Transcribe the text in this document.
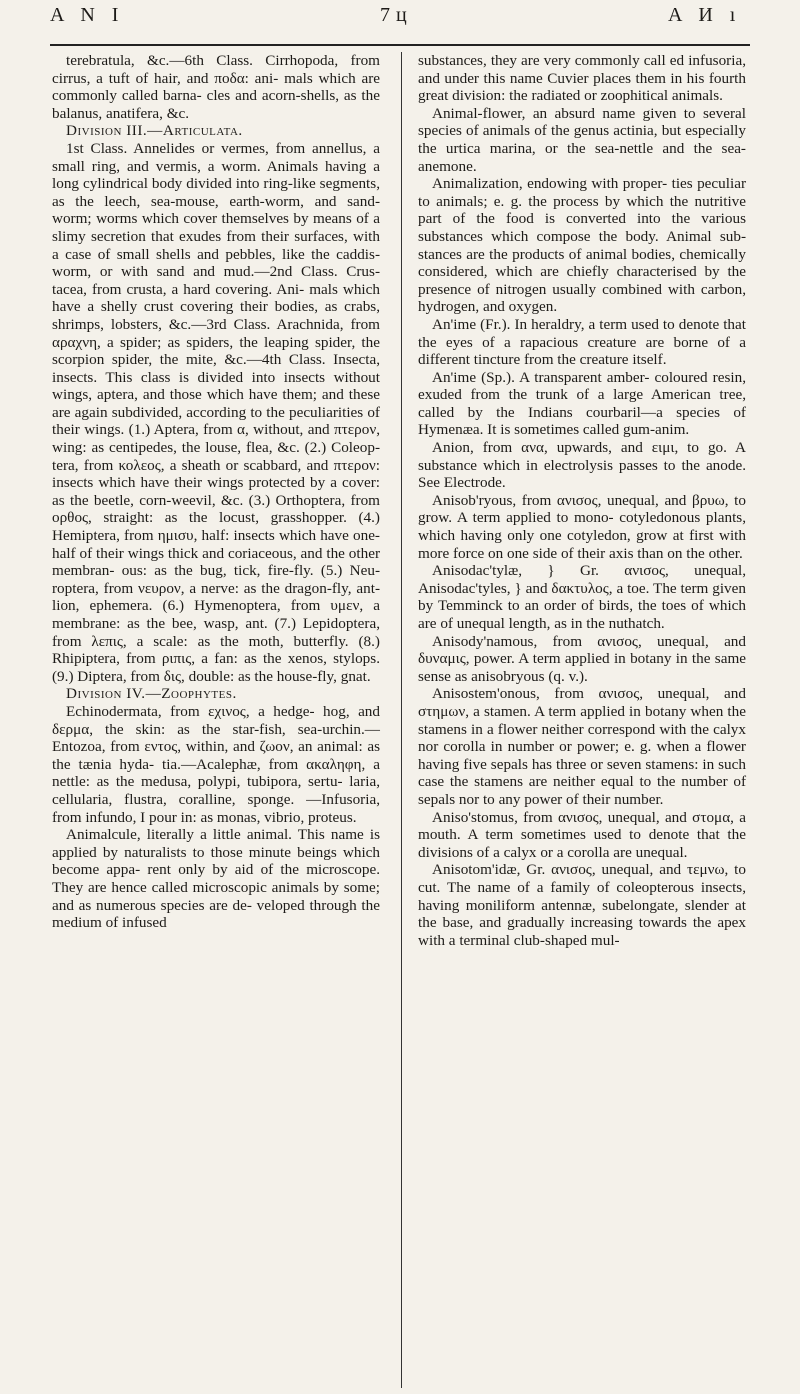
A N I	7ц	A И ı

terebratula, &c.—6th Class. Cirrhopoda, from cirrus, a tuft of hair, and ποδα: ani- mals which are commonly called barna- cles and acorn-shells, as the balanus, anatifera, &c.

Division III.—Articulata.

1st Class. Annelides or vermes, from annellus, a small ring, and vermis, a worm. Animals having a long cylindrical body divided into ring-like segments, as the leech, sea-mouse, earth-worm, and sand- worm; worms which cover themselves by means of a slimy secretion that exudes from their surfaces, with a case of small shells and pebbles, like the caddis-worm, or with sand and mud.—2nd Class. Crus- tacea, from crusta, a hard covering. Ani- mals which have a shelly crust covering their bodies, as crabs, shrimps, lobsters, &c.—3rd Class. Arachnida, from αραχνη, a spider; as spiders, the leaping spider, the scorpion spider, the mite, &c.—4th Class. Insecta, insects. This class is divided into insects without wings, aptera, and those which have them; and these are again subdivided, according to the peculiarities of their wings. (1.) Aptera, from α, without, and πτερον, wing: as centipedes, the louse, flea, &c. (2.) Coleop- tera, from κολεος, a sheath or scabbard, and πτερον: insects which have their wings protected by a cover: as the beetle, corn-weevil, &c. (3.) Orthoptera, from ορθος, straight: as the locust, grasshopper. (4.) Hemiptera, from ημισυ, half: insects which have one-half of their wings thick and coriaceous, and the other membran- ous: as the bug, tick, fire-fly. (5.) Neu- roptera, from νευρον, a nerve: as the dragon-fly, ant-lion, ephemera. (6.) Hymenoptera, from υμεν, a membrane: as the bee, wasp, ant. (7.) Lepidoptera, from λεπις, a scale: as the moth, butterfly. (8.) Rhipiptera, from ριπις, a fan: as the xenos, stylops. (9.) Diptera, from δις, double: as the house-fly, gnat.

Division IV.—Zoophytes.

Echinodermata, from εχινος, a hedge- hog, and δερμα, the skin: as the star-fish, sea-urchin.—Entozoa, from εντος, within, and ζωον, an animal: as the tænia hyda- tia.—Acalephæ, from ακαληφη, a nettle: as the medusa, polypi, tubipora, sertu- laria, cellularia, flustra, coralline, sponge. —Infusoria, from infundo, I pour in: as monas, vibrio, proteus.

Animalcule, literally a little animal. This name is applied by naturalists to those minute beings which become appa- rent only by aid of the microscope. They are hence called microscopic animals by some; and as numerous species are de- veloped through the medium of infused

substances, they are very commonly call ed infusoria, and under this name Cuvier places them in his fourth great division: the radiated or zoophitical animals.

Animal-flower, an absurd name given to several species of animals of the genus actinia, but especially the urtica marina, or the sea-nettle and the sea-anemone.

Animalization, endowing with proper- ties peculiar to animals; e. g. the process by which the nutritive part of the food is converted into the various substances which compose the body. Animal sub- stances are the products of animal bodies, chemically considered, which are chiefly characterised by the presence of nitrogen usually combined with carbon, hydrogen, and oxygen.

An'ime (Fr.). In heraldry, a term used to denote that the eyes of a rapacious creature are borne of a different tincture from the creature itself.

An'ime (Sp.). A transparent amber- coloured resin, exuded from the trunk of a large American tree, called by the Indians courbaril—a species of Hymenæa. It is sometimes called gum-anim.

Anion, from ανα, upwards, and ειμι, to go. A substance which in electrolysis passes to the anode. See Electrode.

Anisob'ryous, from ανισος, unequal, and βρυω, to grow. A term applied to mono- cotyledonous plants, which having only one cotyledon, grow at first with more force on one side of their axis than on the other.

Anisodac'tylæ, } Gr. ανισος, unequal, Anisodac'tyles, } and δακτυλος, a toe. The term given by Temminck to an order of birds, the toes of which are of unequal length, as in the nuthatch.

Anisody'namous, from ανισος, unequal, and δυναμις, power. A term applied in botany in the same sense as anisobryous (q. v.).

Anisostem'onous, from ανισος, unequal, and στημων, a stamen. A term applied in botany when the stamens in a flower neither correspond with the calyx nor corolla in number or power; e. g. when a flower having five sepals has three or seven stamens: in such case the stamens are neither equal to the number of sepals nor to any power of their number.

Aniso'stomus, from ανισος, unequal, and στομα, a mouth. A term sometimes used to denote that the divisions of a calyx or a corolla are unequal.

Anisotom'idæ, Gr. ανισος, unequal, and τεμνω, to cut. The name of a family of coleopterous insects, having moniliform antennæ, subelongate, slender at the base, and gradually increasing towards the apex with a terminal club-shaped mul-
